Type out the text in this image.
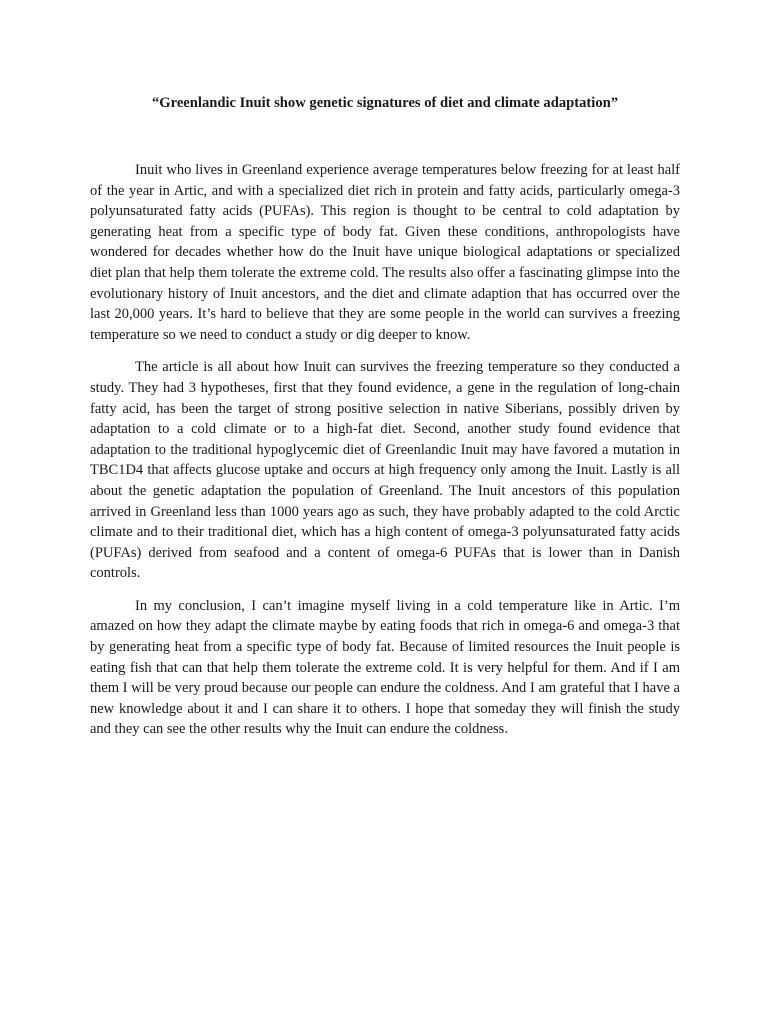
“Greenlandic Inuit show genetic signatures of diet and climate adaptation”

Inuit who lives in Greenland experience average temperatures below freezing for at least half of the year in Artic, and with a specialized diet rich in protein and fatty acids, particularly omega-3 polyunsaturated fatty acids (PUFAs). This region is thought to be central to cold adaptation by generating heat from a specific type of body fat. Given these conditions, anthropologists have wondered for decades whether how do the Inuit have unique biological adaptations or specialized diet plan that help them tolerate the extreme cold. The results also offer a fascinating glimpse into the evolutionary history of Inuit ancestors, and the diet and climate adaption that has occurred over the last 20,000 years. It’s hard to believe that they are some people in the world can survives a freezing temperature so we need to conduct a study or dig deeper to know.

The article is all about how Inuit can survives the freezing temperature so they conducted a study. They had 3 hypotheses, first that they found evidence, a gene in the regulation of long-chain fatty acid, has been the target of strong positive selection in native Siberians, possibly driven by adaptation to a cold climate or to a high-fat diet. Second, another study found evidence that adaptation to the traditional hypoglycemic diet of Greenlandic Inuit may have favored a mutation in TBC1D4 that affects glucose uptake and occurs at high frequency only among the Inuit. Lastly is all about the genetic adaptation the population of Greenland. The Inuit ancestors of this population arrived in Greenland less than 1000 years ago as such, they have probably adapted to the cold Arctic climate and to their traditional diet, which has a high content of omega-3 polyunsaturated fatty acids (PUFAs) derived from seafood and a content of omega-6 PUFAs that is lower than in Danish controls.

In my conclusion, I can’t imagine myself living in a cold temperature like in Artic. I’m amazed on how they adapt the climate maybe by eating foods that rich in omega-6 and omega-3 that by generating heat from a specific type of body fat. Because of limited resources the Inuit people is eating fish that can that help them tolerate the extreme cold. It is very helpful for them. And if I am them I will be very proud because our people can endure the coldness. And I am grateful that I have a new knowledge about it and I can share it to others. I hope that someday they will finish the study and they can see the other results why the Inuit can endure the coldness.
